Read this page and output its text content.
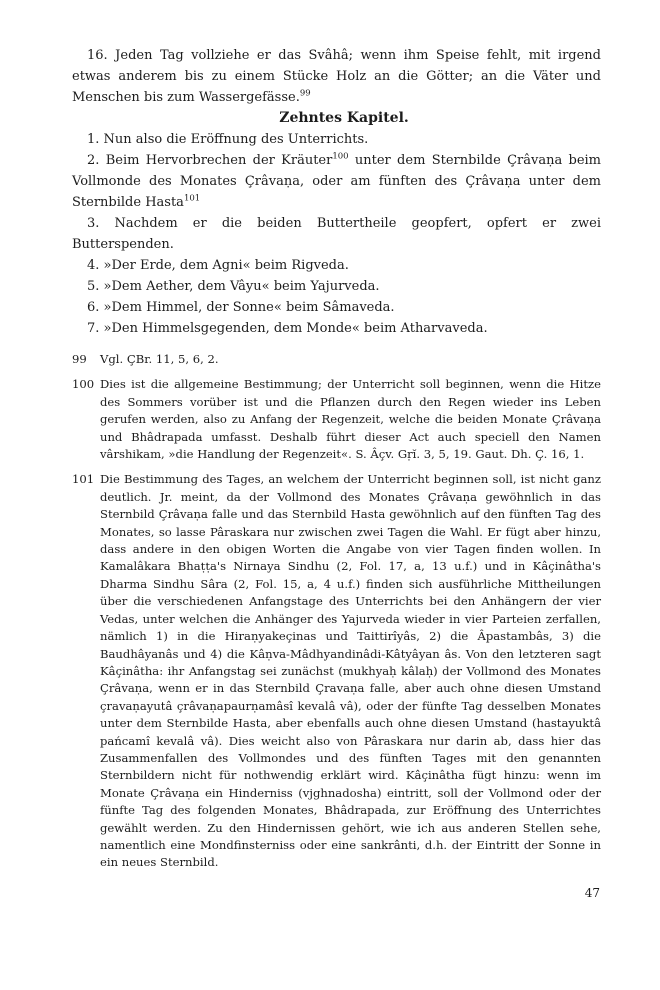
16. Jeden Tag vollziehe er das Svâhâ; wenn ihm Speise fehlt, mit irgend etwas anderem bis zu einem Stücke Holz an die Götter; an die Väter und Menschen bis zum Wassergefässe.$^{99}$

Zehntes Kapitel.

1. Nun also die Eröffnung des Unterrichts.

2. Beim Hervorbrechen der Kräuter$^{100}$ unter dem Sternbilde Çrâvaṇa beim Vollmonde des Monates Çrâvaṇa, oder am fünften des Çrâvaṇa unter dem Sternbilde Hasta$^{101}$

3. Nachdem er die beiden Buttertheile geopfert, opfert er zwei Butterspenden.

4. »Der Erde, dem Agni« beim Rigveda.

5. »Dem Aether, dem Vâyu« beim Yajurveda.

6. »Dem Himmel, der Sonne« beim Sâmaveda.

7. »Den Himmelsgegenden, dem Monde« beim Atharvaveda.

99	Vgl. ÇBr. 11, 5, 6, 2.
100 Dies ist die allgemeine Bestimmung; der Unterricht soll beginnen, wenn die Hitze des Sommers vorüber ist und die Pflanzen durch den Regen wieder ins Leben gerufen werden, also zu Anfang der Regenzeit, welche die beiden Monate Çrâvaṇa und Bhâdrapada umfasst. Deshalb führt dieser Act auch speciell den Namen vârshikam, »die Handlung der Regenzeit«. S. Âçv. Gṛĭ. 3, 5, 19. Gaut. Dh. Ç. 16, 1.
101 Die Bestimmung des Tages, an welchem der Unterricht beginnen soll, ist nicht ganz deutlich. Jr. meint, da der Vollmond des Monates Çrâvaṇa gewöhnlich in das Sternbild Çrâvaṇa falle und das Sternbild Hasta gewöhnlich auf den fünften Tag des Monates, so lasse Pâraskara nur zwischen zwei Tagen die Wahl. Er fügt aber hinzu, dass andere in den obigen Worten die Angabe von vier Tagen finden wollen. In Kamalâkara Bhaṭṭa's Nirnaya Sindhu (2, Fol. 17, a, 13 u.f.) und in Kâçinâtha's Dharma Sindhu Sâra (2, Fol. 15, a, 4 u.f.) finden sich ausführliche Mittheilungen über die verschiedenen Anfangstage des Unterrichts bei den Anhängern der vier Vedas, unter welchen die Anhänger des Yajurveda wieder in vier Parteien zerfallen, nämlich 1) in die Hiraṇyakeçinas und Taittirîyâs, 2) die Âpastambâs, 3) die Baudhâyanâs und 4) die Kâṇva-Mâdhyandinâdi-Kâtyâyan âs. Von den letzteren sagt Kâçinâtha: ihr Anfangstag sei zunächst (mukhyaḥ kâlaḥ) der Vollmond des Monates Çrâvaṇa, wenn er in das Sternbild Çravaṇa falle, aber auch ohne diesen Umstand çravaṇayutâ çrâvaṇapaurṇamâsî kevalâ vâ), oder der fünfte Tag desselben Monates unter dem Sternbilde Hasta, aber ebenfalls auch ohne diesen Umstand (hastayuktâ pańcamî kevalâ vâ). Dies weicht also von Pâraskara nur darin ab, dass hier das Zusammenfallen des Vollmondes und des fünften Tages mit den genannten Sternbildern nicht für nothwendig erklärt wird. Kâçinâtha fügt hinzu: wenn im Monate Çrâvaṇa ein Hinderniss (vjghnadosha) eintritt, soll der Vollmond oder der fünfte Tag des folgenden Monates, Bhâdrapada, zur Eröffnung des Unterrichtes gewählt werden. Zu den Hindernissen gehört, wie ich aus anderen Stellen sehe, namentlich eine Mondfinsterniss oder eine sankrânti, d.h. der Eintritt der Sonne in ein neues Sternbild.
47
